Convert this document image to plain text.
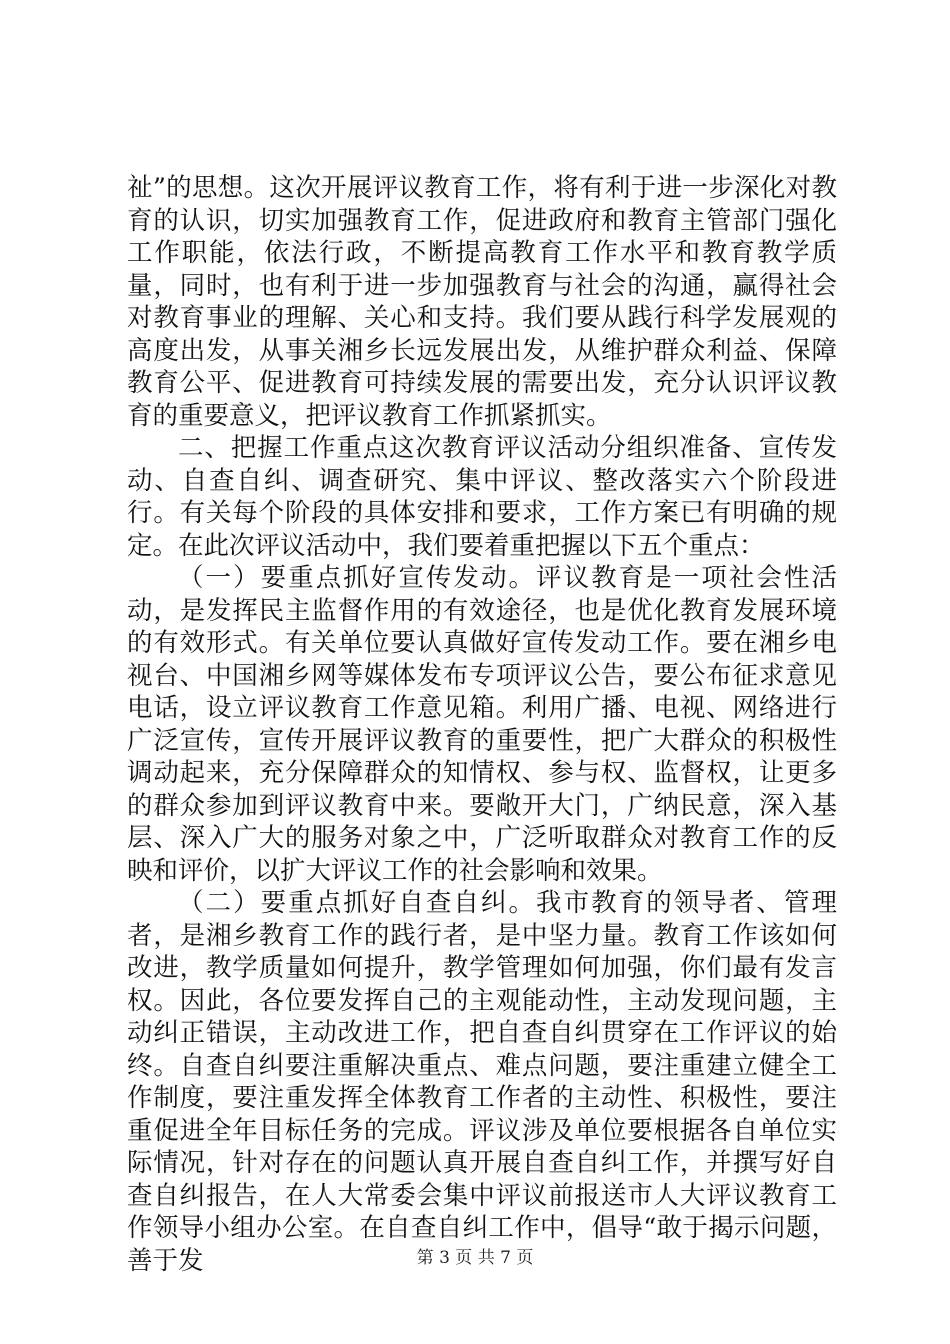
祉”的思想。这次开展评议教育工作，将有利于进一步深化对教育的认识，切实加强教育工作，促进政府和教育主管部门强化工作职能，依法行政，不断提高教育工作水平和教育教学质量，同时，也有利于进一步加强教育与社会的沟通，赢得社会对教育事业的理解、关心和支持。我们要从践行科学发展观的高度出发，从事关湘乡长远发展出发，从维护群众利益、保障教育公平、促进教育可持续发展的需要出发，充分认识评议教育的重要意义，把评议教育工作抓紧抓实。

二、把握工作重点这次教育评议活动分组织准备、宣传发动、自查自纠、调查研究、集中评议、整改落实六个阶段进行。有关每个阶段的具体安排和要求，工作方案已有明确的规定。在此次评议活动中，我们要着重把握以下五个重点：

（一）要重点抓好宣传发动。评议教育是一项社会性活动，是发挥民主监督作用的有效途径，也是优化教育发展环境的有效形式。有关单位要认真做好宣传发动工作。要在湘乡电视台、中国湘乡网等媒体发布专项评议公告，要公布征求意见电话，设立评议教育工作意见箱。利用广播、电视、网络进行广泛宣传，宣传开展评议教育的重要性，把广大群众的积极性调动起来，充分保障群众的知情权、参与权、监督权，让更多的群众参加到评议教育中来。要敞开大门，广纳民意，深入基层、深入广大的服务对象之中，广泛听取群众对教育工作的反映和评价，以扩大评议工作的社会影响和效果。

（二）要重点抓好自查自纠。我市教育的领导者、管理者，是湘乡教育工作的践行者，是中坚力量。教育工作该如何改进，教学质量如何提升，教学管理如何加强，你们最有发言权。因此，各位要发挥自己的主观能动性，主动发现问题，主动纠正错误，主动改进工作，把自查自纠贯穿在工作评议的始终。自查自纠要注重解决重点、难点问题，要注重建立健全工作制度，要注重发挥全体教育工作者的主动性、积极性，要注重促进全年目标任务的完成。评议涉及单位要根据各自单位实际情况，针对存在的问题认真开展自查自纠工作，并撰写好自查自纠报告，在人大常委会集中评议前报送市人大评议教育工作领导小组办公室。在自查自纠工作中，倡导“敢于揭示问题，善于发	第 3 页 共 7 页
